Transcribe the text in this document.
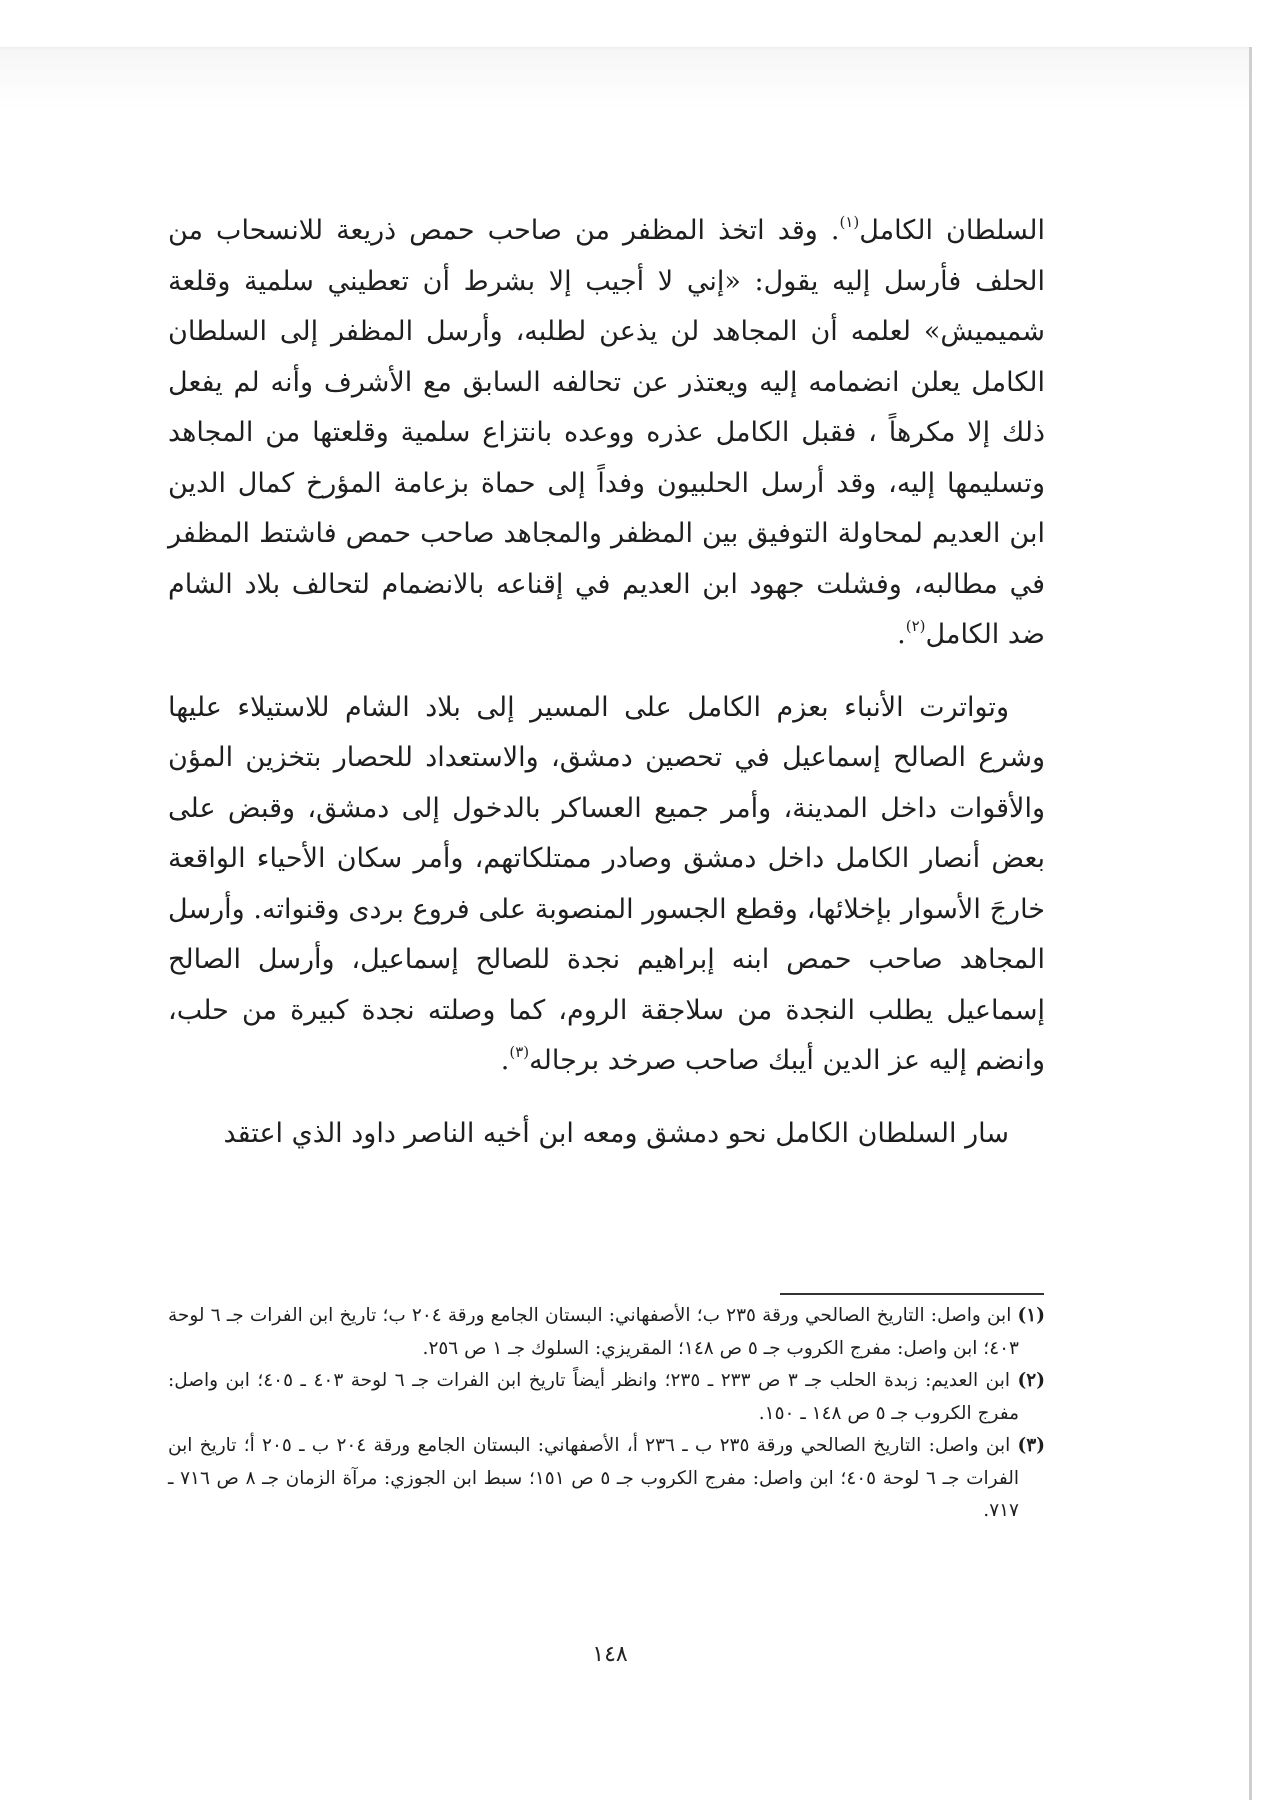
السلطان الكامل$^{(١)}$. وقد اتخذ المظفر من صاحب حمص ذريعة للانسحاب من الحلف فأرسل إليه يقول: «إني لا أجيب إلا بشرط أن تعطيني سلمية وقلعة شميميش» لعلمه أن المجاهد لن يذعن لطلبه، وأرسل المظفر إلى السلطان الكامل يعلن انضمامه إليه ويعتذر عن تحالفه السابق مع الأشرف وأنه لم يفعل ذلك إلا مكرهاً ، فقبل الكامل عذره ووعده بانتزاع سلمية وقلعتها من المجاهد وتسليمها إليه، وقد أرسل الحلبيون وفداً إلى حماة بزعامة المؤرخ كمال الدين ابن العديم لمحاولة التوفيق بين المظفر والمجاهد صاحب حمص فاشتط المظفر في مطالبه، وفشلت جهود ابن العديم في إقناعه بالانضمام لتحالف بلاد الشام ضد الكامل$^{(٢)}$.

وتواترت الأنباء بعزم الكامل على المسير إلى بلاد الشام للاستيلاء عليها وشرع الصالح إسماعيل في تحصين دمشق، والاستعداد للحصار بتخزين المؤن والأقوات داخل المدينة، وأمر جميع العساكر بالدخول إلى دمشق، وقبض على بعض أنصار الكامل داخل دمشق وصادر ممتلكاتهم، وأمر سكان الأحياء الواقعة خارجَ الأسوار بإخلائها، وقطع الجسور المنصوبة على فروع بردى وقنواته. وأرسل المجاهد صاحب حمص ابنه إبراهيم نجدة للصالح إسماعيل، وأرسل الصالح إسماعيل يطلب النجدة من سلاجقة الروم، كما وصلته نجدة كبيرة من حلب، وانضم إليه عز الدين أيبك صاحب صرخد برجاله$^{(٣)}$.

سار السلطان الكامل نحو دمشق ومعه ابن أخيه الناصر داود الذي اعتقد

(١) ابن واصل: التاريخ الصالحي ورقة ٢٣٥ ب؛ الأصفهاني: البستان الجامع ورقة ٢٠٤ ب؛ تاريخ ابن الفرات جـ ٦ لوحة ٤٠٣؛ ابن واصل: مفرج الكروب جـ ٥ ص ١٤٨؛ المقريزي: السلوك جـ ١ ص ٢٥٦.

(٢) ابن العديم: زبدة الحلب جـ ٣ ص ٢٣٣ ـ ٢٣٥؛ وانظر أيضاً تاريخ ابن الفرات جـ ٦ لوحة ٤٠٣ ـ ٤٠٥؛ ابن واصل: مفرج الكروب جـ ٥ ص ١٤٨ ـ ١٥٠.

(٣) ابن واصل: التاريخ الصالحي ورقة ٢٣٥ ب ـ ٢٣٦ أ، الأصفهاني: البستان الجامع ورقة ٢٠٤ ب ـ ٢٠٥ أ؛ تاريخ ابن الفرات جـ ٦ لوحة ٤٠٥؛ ابن واصل: مفرج الكروب جـ ٥ ص ١٥١؛ سبط ابن الجوزي: مرآة الزمان جـ ٨ ص ٧١٦ ـ ٧١٧.

١٤٨
